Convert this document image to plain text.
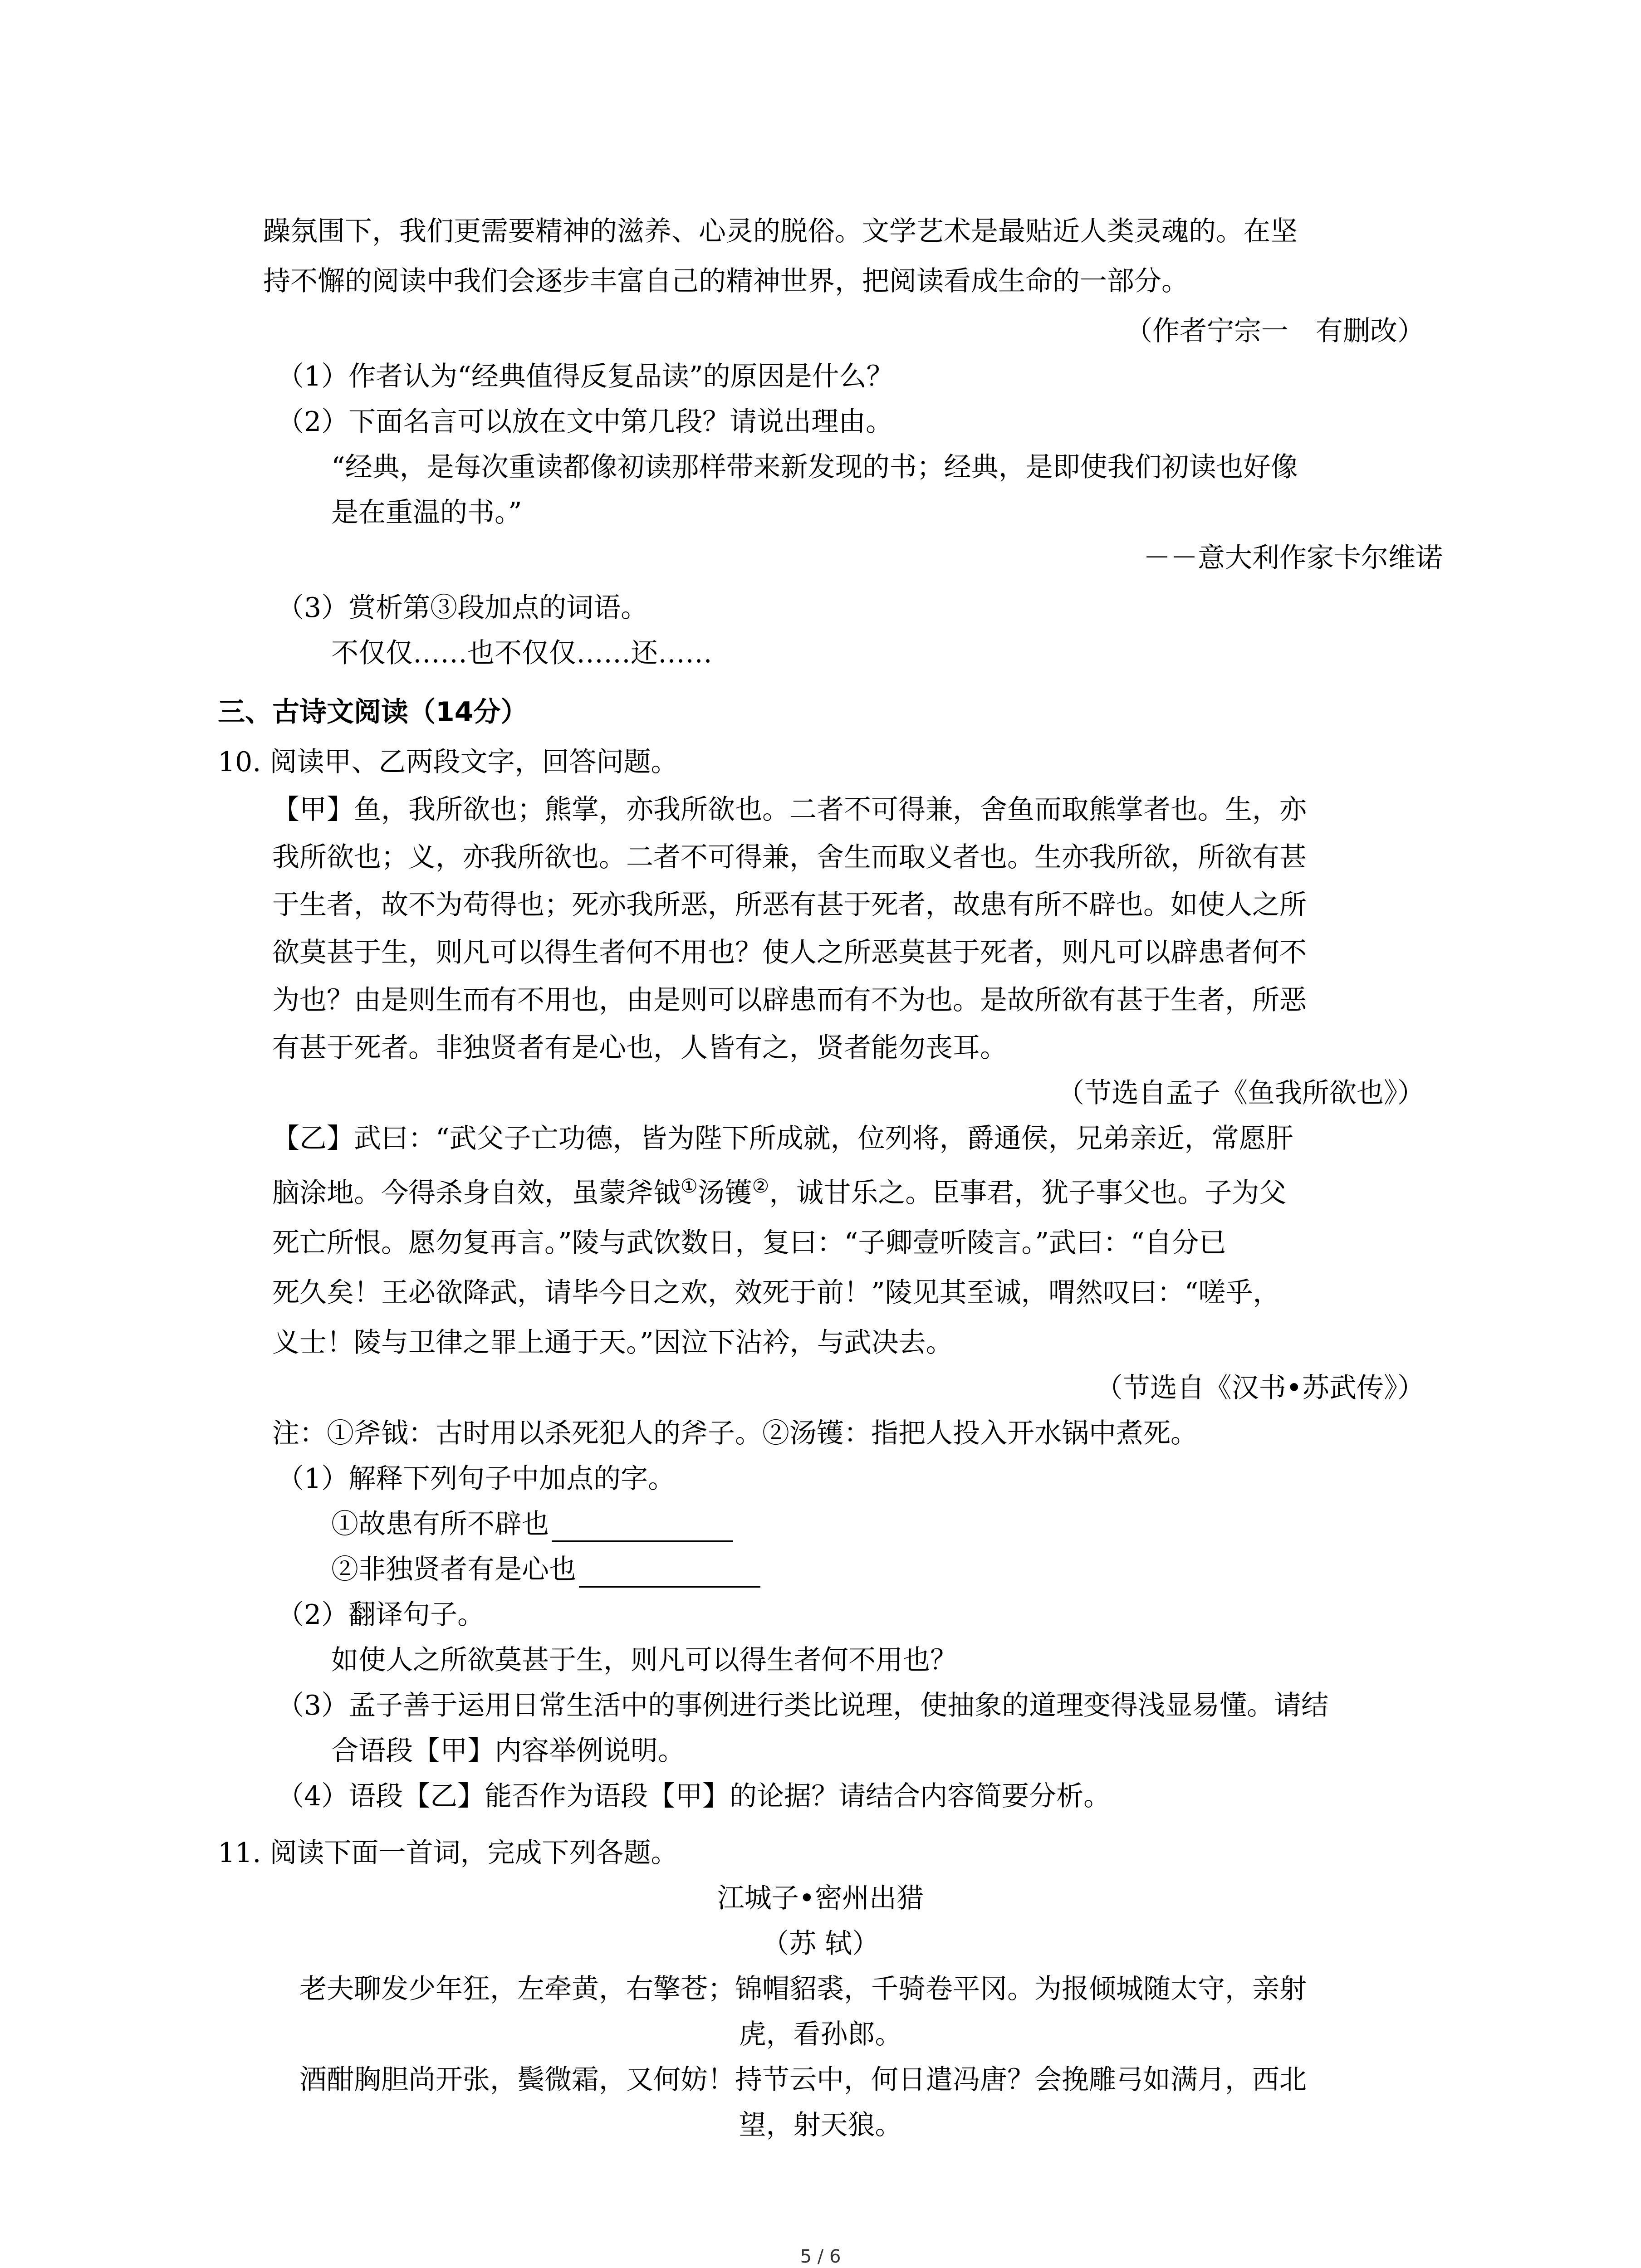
躁氛围下，我们更需要精神的滋养、心灵的脱俗。文学艺术是最贴近人类灵魂的。在坚
持不懈的阅读中我们会逐步丰富自己的精神世界，把阅读看成生命的一部分。
（作者宁宗一　有删改）
（1）作者认为“经典值得反复品读”的原因是什么？
（2）下面名言可以放在文中第几段？请说出理由。
“经典，是每次重读都像初读那样带来新发现的书；经典，是即使我们初读也好像
是在重温的书。”
－－意大利作家卡尔维诺
（3）赏析第③段加点的词语。
不仅仅……也不仅仅……还……
三、古诗文阅读（14分）
10. 阅读甲、乙两段文字，回答问题。
【甲】鱼，我所欲也；熊掌，亦我所欲也。二者不可得兼，舍鱼而取熊掌者也。生，亦
我所欲也；义，亦我所欲也。二者不可得兼，舍生而取义者也。生亦我所欲，所欲有甚
于生者，故不为苟得也；死亦我所恶，所恶有甚于死者，故患有所不辟也。如使人之所
欲莫甚于生，则凡可以得生者何不用也？使人之所恶莫甚于死者，则凡可以辟患者何不
为也？由是则生而有不用也，由是则可以辟患而有不为也。是故所欲有甚于生者，所恶
有甚于死者。非独贤者有是心也，人皆有之，贤者能勿丧耳。
（节选自孟子《鱼我所欲也》）
【乙】武曰：“武父子亡功德，皆为陛下所成就，位列将，爵通侯，兄弟亲近，常愿肝
脑涂地。今得杀身自效，虽蒙斧钺①汤镬②，诚甘乐之。臣事君，犹子事父也。子为父
死亡所恨。愿勿复再言。”陵与武饮数日，复曰：“子卿壹听陵言。”武曰：“自分已
死久矣！王必欲降武，请毕今日之欢，效死于前！”陵见其至诚，喟然叹曰：“嗟乎，
义士！陵与卫律之罪上通于天。”因泣下沾衿，与武决去。
（节选自《汉书•苏武传》）
注：①斧钺：古时用以杀死犯人的斧子。②汤镬：指把人投入开水锅中煮死。
（1）解释下列句子中加点的字。
①故患有所不辟也
②非独贤者有是心也
（2）翻译句子。
如使人之所欲莫甚于生，则凡可以得生者何不用也？
（3）孟子善于运用日常生活中的事例进行类比说理，使抽象的道理变得浅显易懂。请结
合语段【甲】内容举例说明。
（4）语段【乙】能否作为语段【甲】的论据？请结合内容简要分析。
11. 阅读下面一首词，完成下列各题。
江城子•密州出猎
（苏 轼）
老夫聊发少年狂，左牵黄，右擎苍；锦帽貂裘，千骑卷平冈。为报倾城随太守，亲射
虎，看孙郎。
酒酣胸胆尚开张，鬓微霜，又何妨！持节云中，何日遣冯唐？会挽雕弓如满月，西北
望，射天狼。
5 / 6
